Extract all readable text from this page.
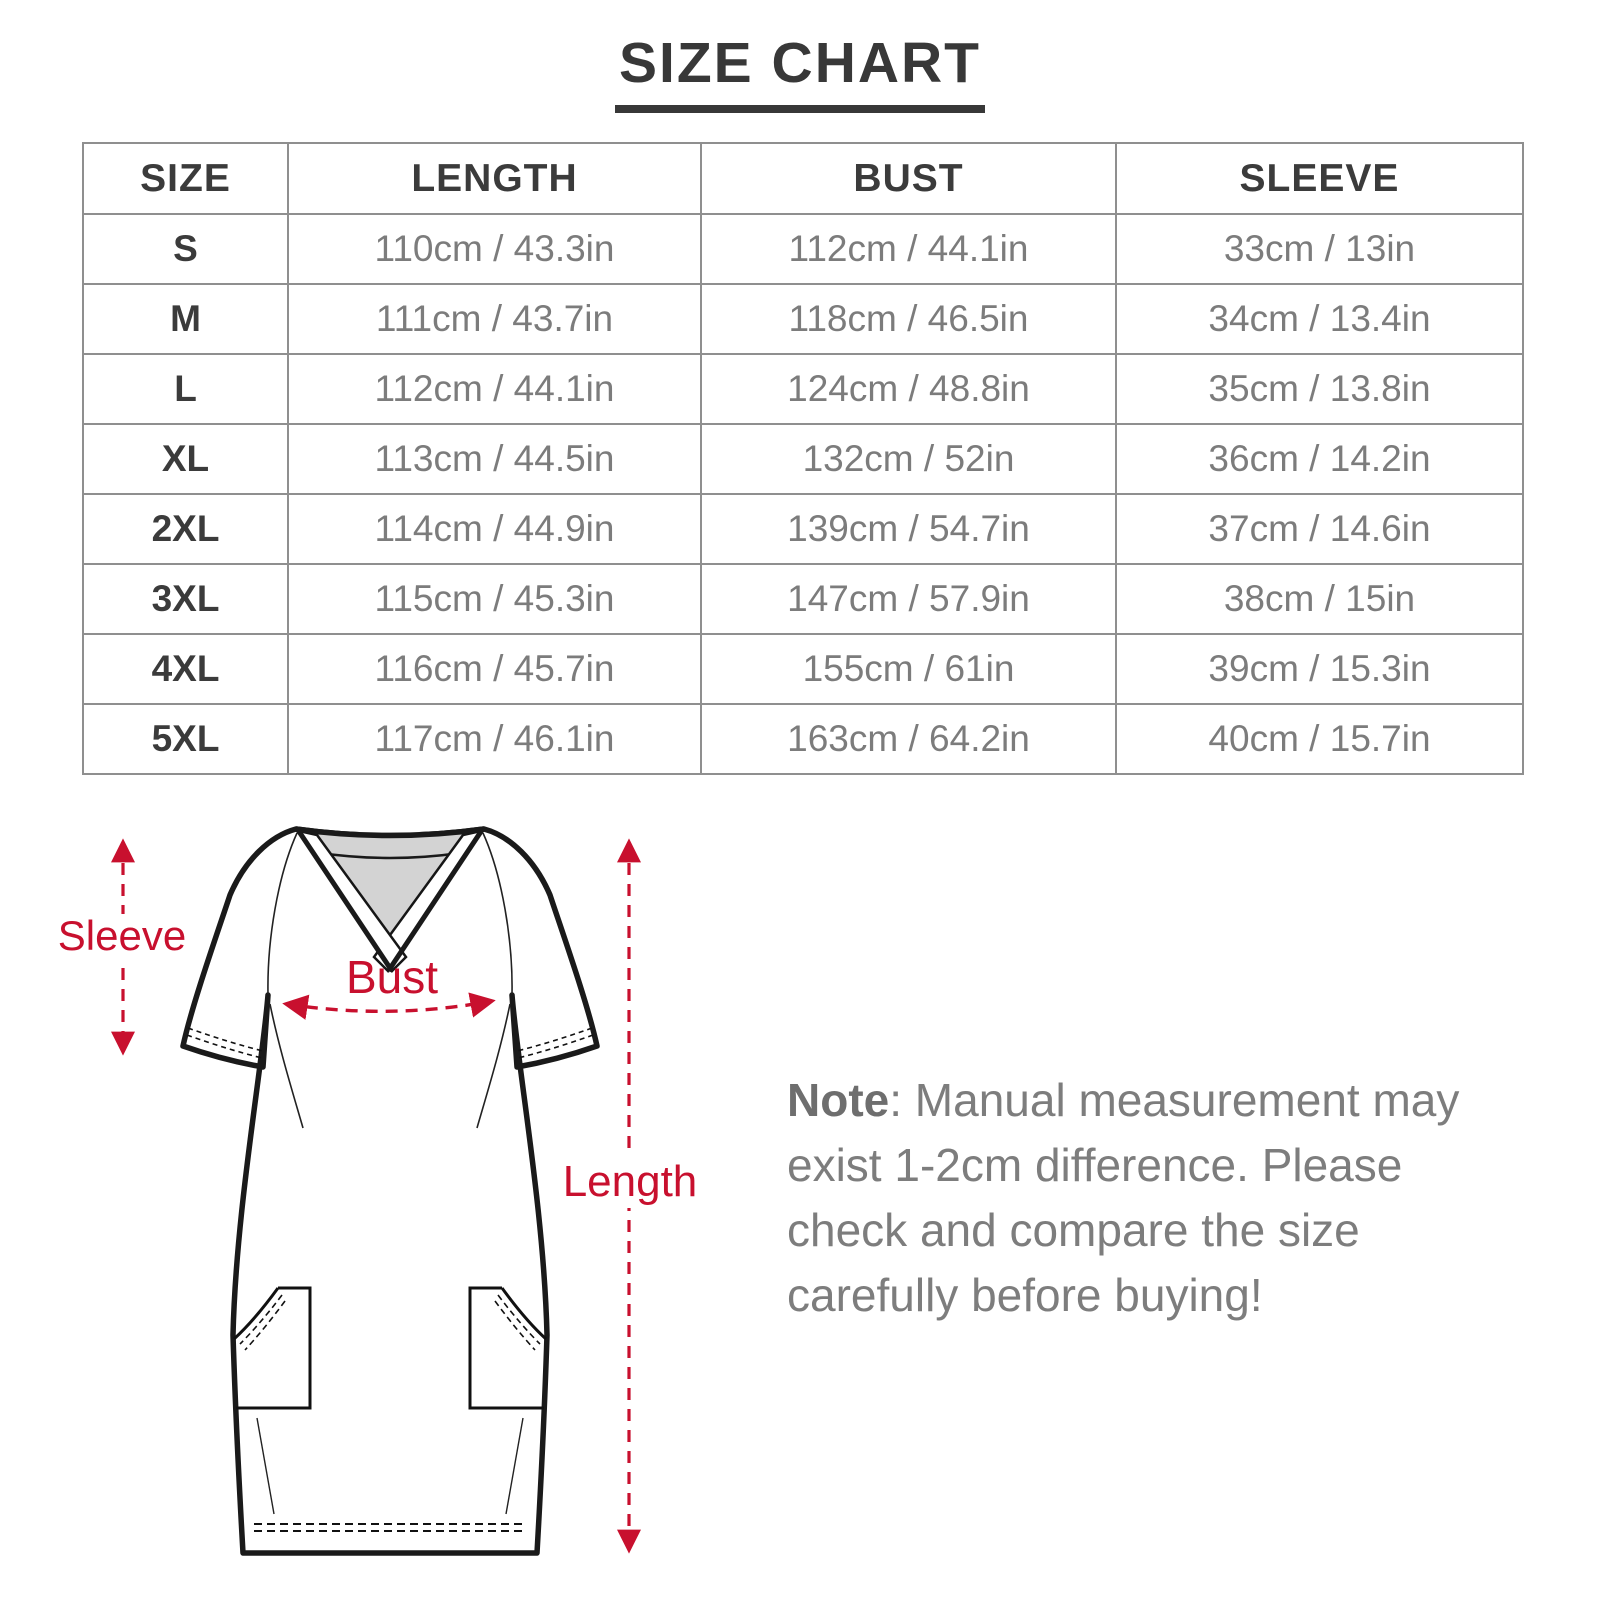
SIZE CHART
SIZE	LENGTH	BUST	SLEEVE
S	110cm / 43.3in	112cm / 44.1in	33cm / 13in
M	111cm / 43.7in	118cm / 46.5in	34cm / 13.4in
L	112cm / 44.1in	124cm / 48.8in	35cm / 13.8in
XL	113cm / 44.5in	132cm / 52in	36cm / 14.2in
2XL	114cm / 44.9in	139cm / 54.7in	37cm / 14.6in
3XL	115cm / 45.3in	147cm / 57.9in	38cm / 15in
4XL	116cm / 45.7in	155cm / 61in	39cm / 15.3in
5XL	117cm / 46.1in	163cm / 64.2in	40cm / 15.7in
Sleeve
Bust
Length
Note: Manual measurement may exist 1-2cm difference. Please check and compare the size carefully before buying!
